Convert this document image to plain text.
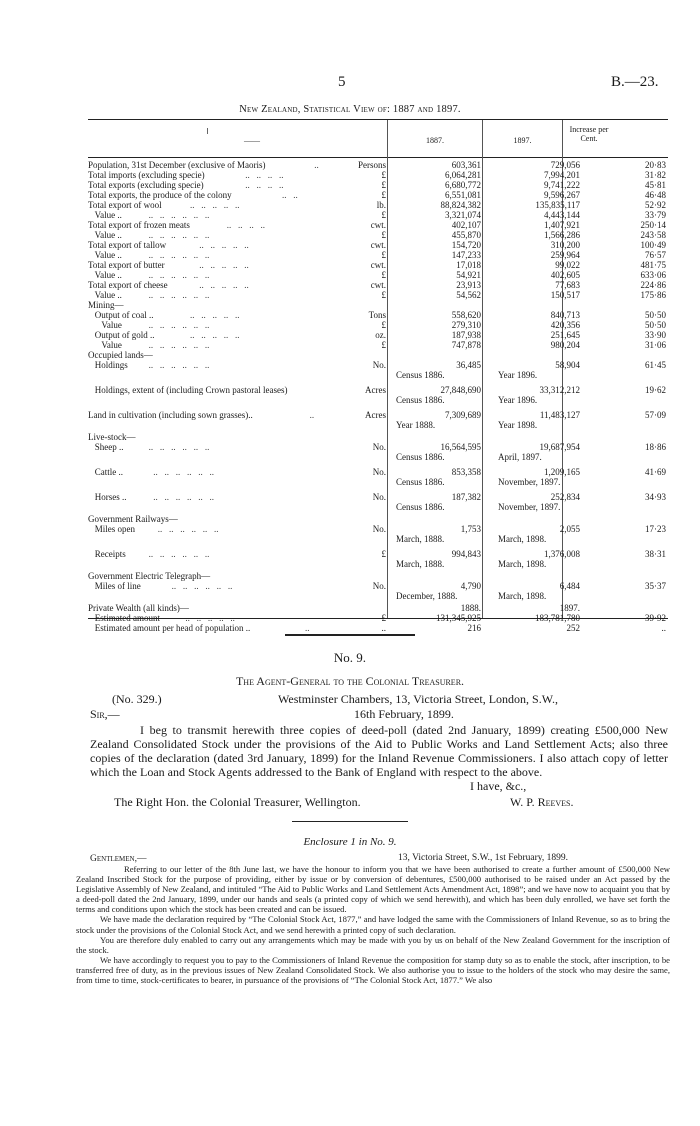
5	B.—23.
New Zealand, Statistical View of: 1887 and 1897.
——	1887.	1897.
Increase per Cent.
Population, 31st December (exclusive of Maoris)	..	Persons	603,361	729,056	20·83
Total imports (excluding specie)	..   ..   ..   ..	£	6,064,281	7,994,201	31·82
Total exports (excluding specie)	..   ..   ..   ..	£	6,680,772	9,741,222	45·81
Total exports, the produce of the colony	..   ..	£	6,551,081	9,596,267	46·48
Total export of wool	..   ..   ..   ..   ..	lb.	88,824,382	135,835,117	52·92
Value ..	..   ..   ..   ..   ..   ..	£	3,321,074	4,443,144	33·79
Total export of frozen meats	..   ..   ..   ..	cwt.	402,107	1,407,921	250·14
Value ..	..   ..   ..   ..   ..   ..	£	455,870	1,566,286	243·58
Total export of tallow	..   ..   ..   ..   ..	cwt.	154,720	310,200	100·49
Value ..	..   ..   ..   ..   ..   ..	£	147,233	259,964	76·57
Total export of butter	..   ..   ..   ..   ..	cwt.	17,018	99,022	481·75
Value ..	..   ..   ..   ..   ..   ..	£	54,921	402,605	633·06
Total export of cheese	..   ..   ..   ..   ..	cwt.	23,913	77,683	224·86
Value ..	..   ..   ..   ..   ..   ..	£	54,562	150,517	175·86
Mining—
Output of coal ..	..   ..   ..   ..   ..	Tons	558,620	840,713	50·50
Value	..   ..   ..   ..   ..   ..	£	279,310	420,356	50·50
Output of gold ..	..   ..   ..   ..   ..	oz.	187,938	251,645	33·90
Value	..   ..   ..   ..   ..   ..	£	747,878	980,204	31·06
Occupied lands—
Holdings ..   ..   ..   ..   ..   ..	No.	36,485	58,904	61·45
Census 1886.	Year 1896.
Holdings, extent of (including Crown pastoral leases)	Acres	27,848,690	33,312,212	19·62
Census 1886.	Year 1896.
Land in cultivation (including sown grasses)..	..	Acres	7,309,689	11,483,127	57·09
Year 1888.	Year 1898.
Live-stock—
Sheep ..	..   ..   ..   ..   ..   ..	No.	16,564,595	19,687,954	18·86
Census 1886.	April, 1897.
Cattle ..	..   ..   ..   ..   ..   ..	No.	853,358	1,209,165	41·69
Census 1886.	November, 1897.
Horses ..	..   ..   ..   ..   ..   ..	No.	187,382	252,834	34·93
Census 1886.	November, 1897.
Government Railways—
Miles open	..   ..   ..   ..   ..   ..	No.	1,753	2,055	17·23
March, 1888.	March, 1898.
Receipts	..   ..   ..   ..   ..   ..	£	994,843	1,376,008	38·31
March, 1888.	March, 1898.
Government Electric Telegraph—
Miles of line	..   ..   ..   ..   ..   ..	No.	4,790	6,484	35·37
December, 1888.	March, 1898.
Private Wealth (all kinds)—	1888.	1897.
Estimated amount	..   ..   ..   ..   ..	£	131,345,925	183,781,780	39·92
Estimated amount per head of population ..	..	..	216	252	..
No. 9.
The Agent-General to the Colonial Treasurer.
(No. 329.)	Westminster Chambers, 13, Victoria Street, London, S.W.,
Sir,—	16th February, 1899.
I beg to transmit herewith three copies of deed-poll (dated 2nd January, 1899) creating £500,000 New Zealand Consolidated Stock under the provisions of the Aid to Public Works and Land Settlement Acts; also three copies of the declaration (dated 3rd January, 1899) for the Inland Revenue Commissioners. I also attach copy of letter which the Loan and Stock Agents addressed to the Bank of England with respect to the above.
I have, &c.,
The Right Hon. the Colonial Treasurer, Wellington.	W. P. Reeves.
Enclosure 1 in No. 9.
Gentlemen,—	13, Victoria Street, S.W., 1st February, 1899.

Referring to our letter of the 8th June last, we have the honour to inform you that we have been authorised to create a further amount of £500,000 New Zealand Inscribed Stock for the purpose of providing, either by issue or by conversion of debentures, £500,000 authorised to be raised under an Act passed by the Legislative Assembly of New Zealand, and intituled “The Aid to Public Works and Land Settlement Acts Amendment Act, 1898”; and we have now to acquaint you that by a deed-poll dated the 2nd January, 1899, under our hands and seals (a printed copy of which we send herewith), and which has been duly enrolled, we have set forth the terms and conditions upon which the stock has been created and can be issued.

We have made the declaration required by “The Colonial Stock Act, 1877,” and have lodged the same with the Commissioners of Inland Revenue, so as to bring the stock under the provisions of the Colonial Stock Act, and we send herewith a printed copy of such declaration.

You are therefore duly enabled to carry out any arrangements which may be made with you by us on behalf of the New Zealand Government for the inscription of the stock.

We have accordingly to request you to pay to the Commissioners of Inland Revenue the composition for stamp duty so as to enable the stock, after inscription, to be transferred free of duty, as in the previous issues of New Zealand Consolidated Stock. We also authorise you to issue to the holders of the stock who may desire the same, from time to time, stock-certificates to bearer, in pursuance of the provisions of “The Colonial Stock Act, 1877.” We also
